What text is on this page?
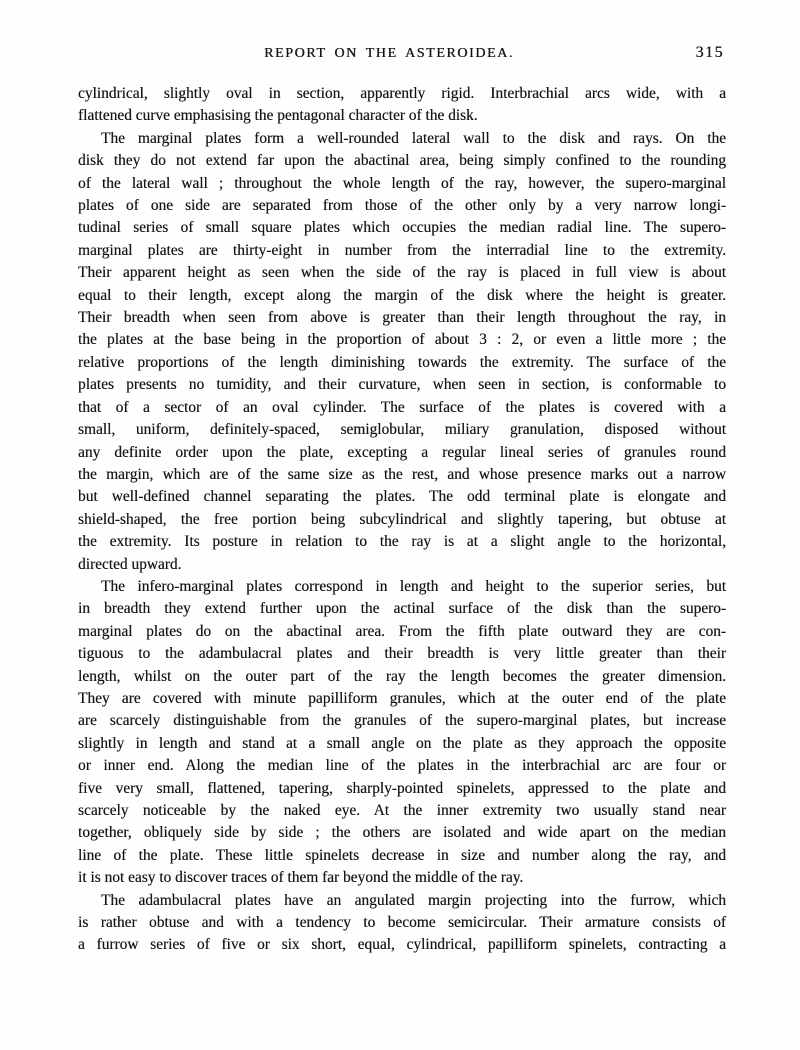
REPORT ON THE ASTEROIDEA.	315
cylindrical, slightly oval in section, apparently rigid. Interbrachial arcs wide, with a
flattened curve emphasising the pentagonal character of the disk.
The marginal plates form a well-rounded lateral wall to the disk and rays. On the
disk they do not extend far upon the abactinal area, being simply confined to the rounding
of the lateral wall ; throughout the whole length of the ray, however, the supero-marginal
plates of one side are separated from those of the other only by a very narrow longi-
tudinal series of small square plates which occupies the median radial line. The supero-
marginal plates are thirty-eight in number from the interradial line to the extremity.
Their apparent height as seen when the side of the ray is placed in full view is about
equal to their length, except along the margin of the disk where the height is greater.
Their breadth when seen from above is greater than their length throughout the ray, in
the plates at the base being in the proportion of about 3 : 2, or even a little more ; the
relative proportions of the length diminishing towards the extremity. The surface of the
plates presents no tumidity, and their curvature, when seen in section, is conformable to
that of a sector of an oval cylinder. The surface of the plates is covered with a
small, uniform, definitely-spaced, semiglobular, miliary granulation, disposed without
any definite order upon the plate, excepting a regular lineal series of granules round
the margin, which are of the same size as the rest, and whose presence marks out a narrow
but well-defined channel separating the plates. The odd terminal plate is elongate and
shield-shaped, the free portion being subcylindrical and slightly tapering, but obtuse at
the extremity. Its posture in relation to the ray is at a slight angle to the horizontal,
directed upward.
The infero-marginal plates correspond in length and height to the superior series, but
in breadth they extend further upon the actinal surface of the disk than the supero-
marginal plates do on the abactinal area. From the fifth plate outward they are con-
tiguous to the adambulacral plates and their breadth is very little greater than their
length, whilst on the outer part of the ray the length becomes the greater dimension.
They are covered with minute papilliform granules, which at the outer end of the plate
are scarcely distinguishable from the granules of the supero-marginal plates, but increase
slightly in length and stand at a small angle on the plate as they approach the opposite
or inner end. Along the median line of the plates in the interbrachial arc are four or
five very small, flattened, tapering, sharply-pointed spinelets, appressed to the plate and
scarcely noticeable by the naked eye. At the inner extremity two usually stand near
together, obliquely side by side ; the others are isolated and wide apart on the median
line of the plate. These little spinelets decrease in size and number along the ray, and
it is not easy to discover traces of them far beyond the middle of the ray.
The adambulacral plates have an angulated margin projecting into the furrow, which
is rather obtuse and with a tendency to become semicircular. Their armature consists of
a furrow series of five or six short, equal, cylindrical, papilliform spinelets, contracting a
